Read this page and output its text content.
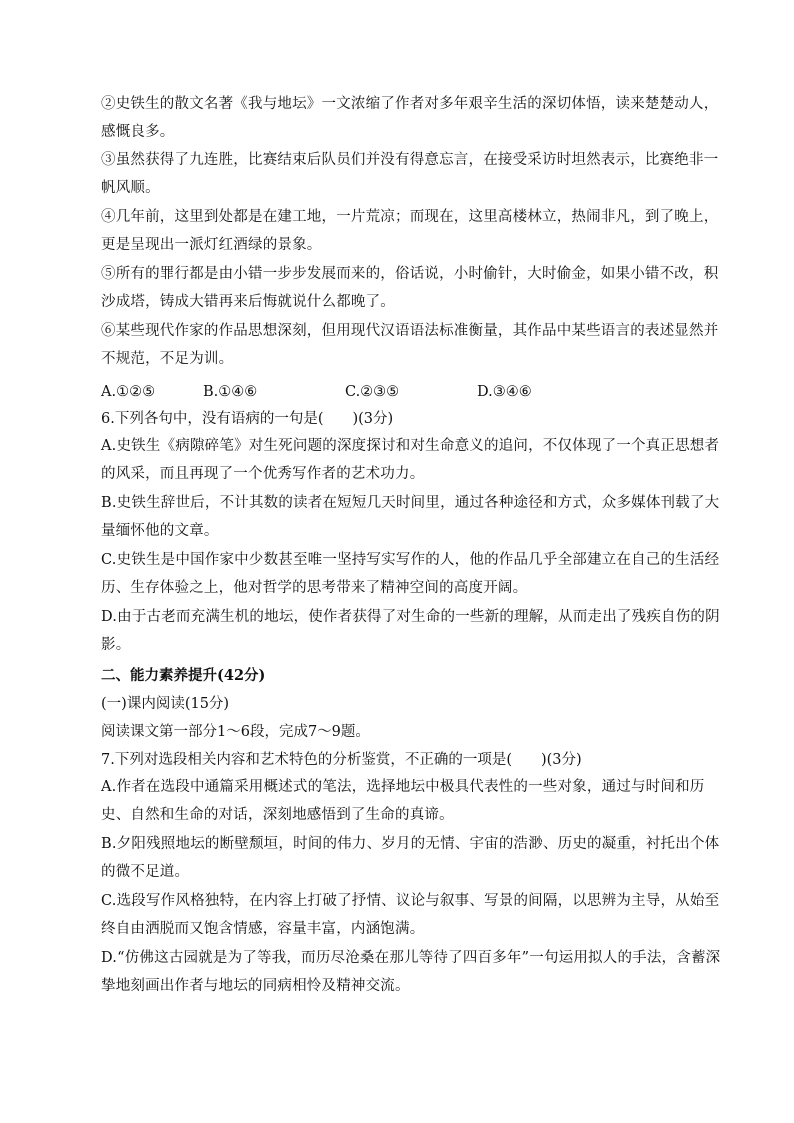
②史铁生的散文名著《我与地坛》一文浓缩了作者对多年艰辛生活的深切体悟，读来楚楚动人，感慨良多。

③虽然获得了九连胜，比赛结束后队员们并没有得意忘言，在接受采访时坦然表示，比赛绝非一帆风顺。

④几年前，这里到处都是在建工地，一片荒凉；而现在，这里高楼林立，热闹非凡，到了晚上，更是呈现出一派灯红酒绿的景象。

⑤所有的罪行都是由小错一步步发展而来的，俗话说，小时偷针，大时偷金，如果小错不改，积沙成塔，铸成大错再来后悔就说什么都晚了。

⑥某些现代作家的作品思想深刻，但用现代汉语语法标准衡量，其作品中某些语言的表述显然并不规范，不足为训。

A.①②⑤	B.①④⑥	C.②③⑤	D.③④⑥
6.下列各句中，没有语病的一句是(　　)(3分)

A.史铁生《病隙碎笔》对生死问题的深度探讨和对生命意义的追问，不仅体现了一个真正思想者的风采，而且再现了一个优秀写作者的艺术功力。

B.史铁生辞世后，不计其数的读者在短短几天时间里，通过各种途径和方式，众多媒体刊载了大量缅怀他的文章。

C.史铁生是中国作家中少数甚至唯一坚持写实写作的人，他的作品几乎全部建立在自己的生活经历、生存体验之上，他对哲学的思考带来了精神空间的高度开阔。

D.由于古老而充满生机的地坛，使作者获得了对生命的一些新的理解，从而走出了残疾自伤的阴影。

二、能力素养提升(42分)
(一)课内阅读(15分)
阅读课文第一部分1～6段，完成7～9题。
7.下列对选段相关内容和艺术特色的分析鉴赏，不正确的一项是(　　)(3分)

A.作者在选段中通篇采用概述式的笔法，选择地坛中极具代表性的一些对象，通过与时间和历史、自然和生命的对话，深刻地感悟到了生命的真谛。

B.夕阳残照地坛的断壁颓垣，时间的伟力、岁月的无情、宇宙的浩渺、历史的凝重，衬托出个体的微不足道。

C.选段写作风格独特，在内容上打破了抒情、议论与叙事、写景的间隔，以思辨为主导，从始至终自由洒脱而又饱含情感，容量丰富，内涵饱满。

D.“仿佛这古园就是为了等我，而历尽沧桑在那儿等待了四百多年”一句运用拟人的手法，含蓄深挚地刻画出作者与地坛的同病相怜及精神交流。
